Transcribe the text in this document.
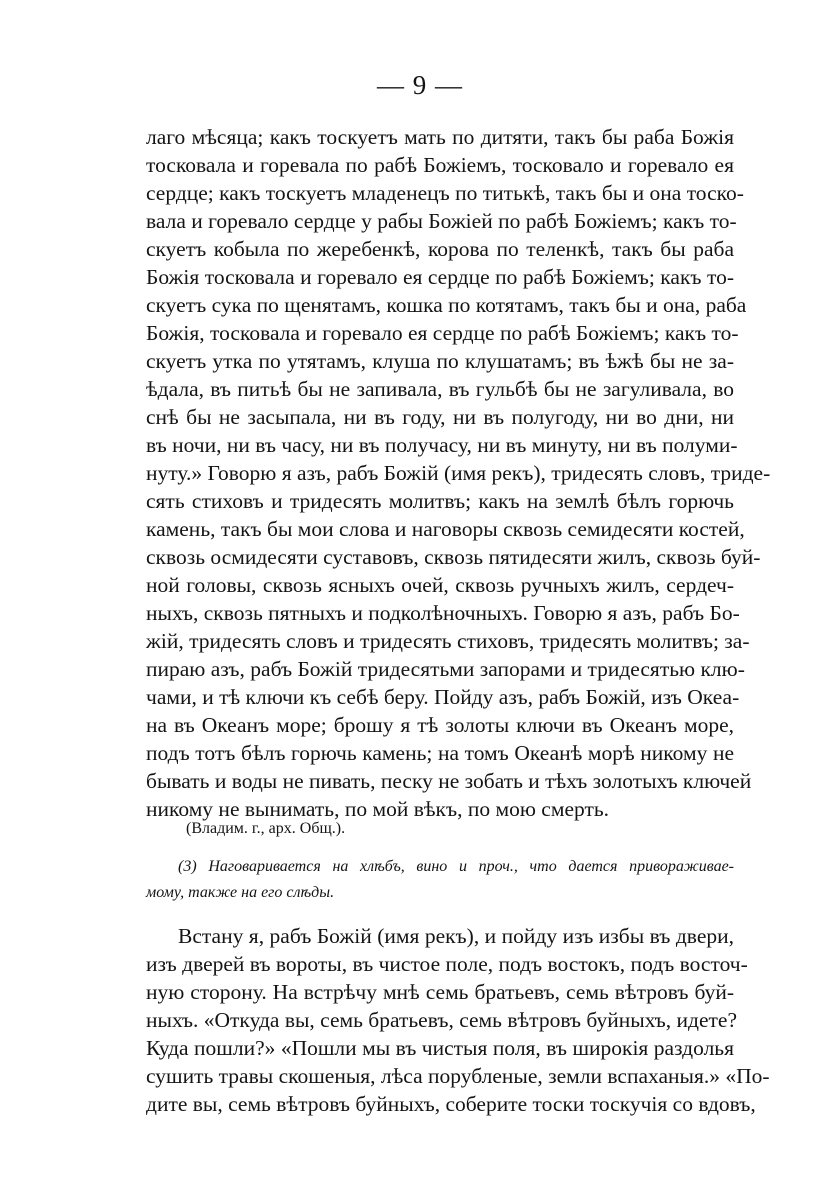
— 9 —
лаго мѣсяца; какъ тоскуетъ мать по дитяти, такъ бы раба Божія
тосковала и горевала по рабѣ Божіемъ, тосковало и горевало ея
сердце; какъ тоскуетъ младенецъ по титькѣ, такъ бы и она тоско-
вала и горевало сердце у рабы Божіей по рабѣ Божіемъ; какъ то-
скуетъ кобыла по жеребенкѣ, корова по теленкѣ, такъ бы раба
Божія тосковала и горевало ея сердце по рабѣ Божіемъ; какъ то-
скуетъ сука по щенятамъ, кошка по котятамъ, такъ бы и она, раба
Божія, тосковала и горевало ея сердце по рабѣ Божіемъ; какъ то-
скуетъ утка по утятамъ, клуша по клушатамъ; въ ѣжѣ бы не за-
ѣдала, въ питьѣ бы не запивала, въ гульбѣ бы не загуливала, во
снѣ бы не засыпала, ни въ году, ни въ полугоду, ни во дни, ни
въ ночи, ни въ часу, ни въ получасу, ни въ минуту, ни въ полуми-
нуту.» Говорю я азъ, рабъ Божій (имя рекъ), тридесять словъ, триде-
сять стиховъ и тридесять молитвъ; какъ на землѣ бѣлъ горючь
камень, такъ бы мои слова и наговоры сквозь семидесяти костей,
сквозь осмидесяти суставовъ, сквозь пятидесяти жилъ, сквозь буй-
ной головы, сквозь ясныхъ очей, сквозь ручныхъ жилъ, сердеч-
ныхъ, сквозь пятныхъ и подколѣночныхъ. Говорю я азъ, рабъ Бо-
жій, тридесять словъ и тридесять стиховъ, тридесять молитвъ; за-
пираю азъ, рабъ Божій тридесятьми запорами и тридесятью клю-
чами, и тѣ ключи къ себѣ беру. Пойду азъ, рабъ Божій, изъ Океа-
на въ Океанъ море; брошу я тѣ золоты ключи въ Океанъ море,
подъ тотъ бѣлъ горючь камень; на томъ Океанѣ морѣ никому не
бывать и воды не пивать, песку не зобать и тѣхъ золотыхъ ключей
никому не вынимать, по мой вѣкъ, по мою смерть.
(Владим. г., арх. Общ.).
(3) Наговаривается на хлѣбъ, вино и проч., что дается привораживае-
мому, также на его слѣды.
Встану я, рабъ Божій (имя рекъ), и пойду изъ избы въ двери,
изъ дверей въ вороты, въ чистое поле, подъ востокъ, подъ восточ-
ную сторону. На встрѣчу мнѣ семь братьевъ, семь вѣтровъ буй-
ныхъ. «Откуда вы, семь братьевъ, семь вѣтровъ буйныхъ, идете?
Куда пошли?» «Пошли мы въ чистыя поля, въ широкія раздолья
сушить травы скошеныя, лѣса порубленые, земли вспаханыя.» «По-
дите вы, семь вѣтровъ буйныхъ, соберите тоски тоскучія со вдовъ,
